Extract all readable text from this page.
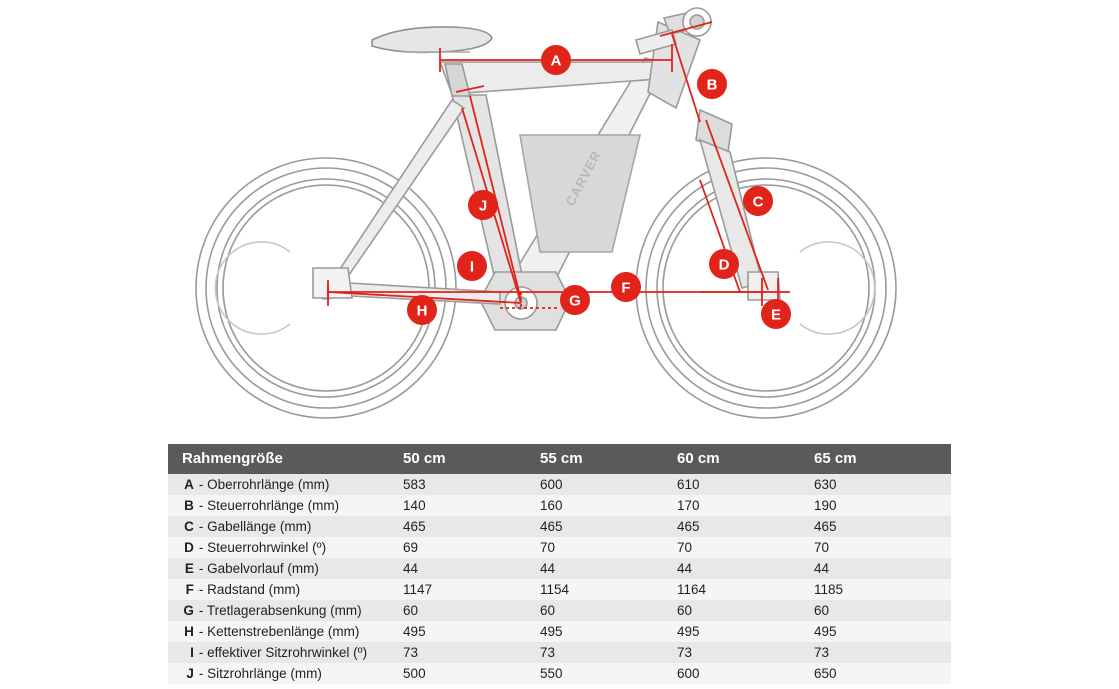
CARVER
A
B
C
D
E
F
G
H
I
J
Rahmengröße		50 cm	55 cm	60 cm	65 cm
A	- Oberrohrlänge (mm)	583	600	610	630
B	- Steuerrohrlänge (mm)	140	160	170	190
C	- Gabellänge (mm)	465	465	465	465
D	- Steuerrohrwinkel (º)	69	70	70	70
E	- Gabelvorlauf (mm)	44	44	44	44
F	- Radstand (mm)	1147	1154	1164	1185
G	- Tretlagerabsenkung (mm)	60	60	60	60
H	- Kettenstrebenlänge (mm)	495	495	495	495
I	- effektiver Sitzrohrwinkel (º)	73	73	73	73
J	- Sitzrohrlänge (mm)	500	550	600	650
